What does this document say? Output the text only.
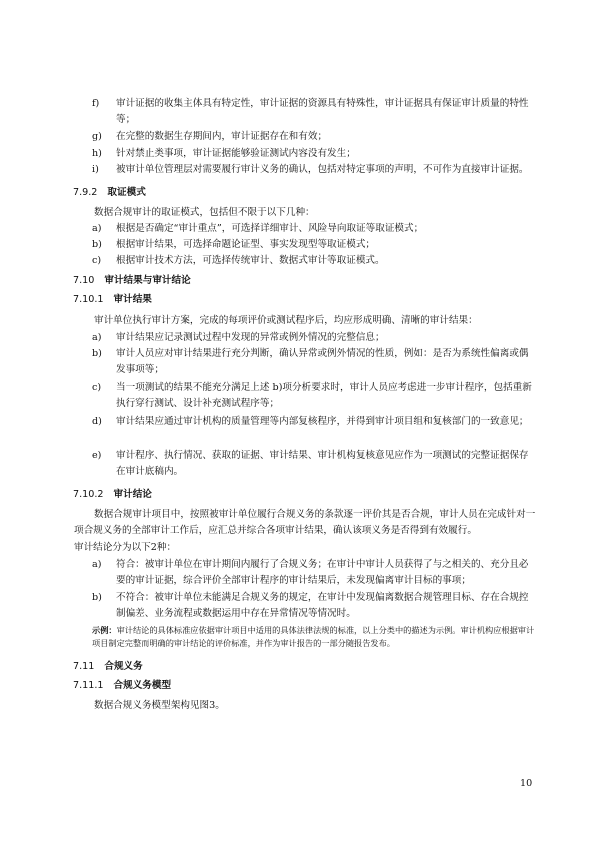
f)	审计证据的收集主体具有特定性，审计证据的资源具有特殊性，审计证据具有保证审计质量的特性等；
g)	在完整的数据生存期间内，审计证据存在和有效；
h)	针对禁止类事项，审计证据能够验证测试内容没有发生；
i)	被审计单位管理层对需要履行审计义务的确认，包括对特定事项的声明，不可作为直接审计证据。
7.9.2 取证模式
数据合规审计的取证模式，包括但不限于以下几种：
a)	根据是否确定“审计重点”，可选择详细审计、风险导向取证等取证模式；
b)	根据审计结果，可选择命题论证型、事实发现型等取证模式；
c)	根据审计技术方法，可选择传统审计、数据式审计等取证模式。
7.10 审计结果与审计结论
7.10.1 审计结果
审计单位执行审计方案，完成的每项评价或测试程序后，均应形成明确、清晰的审计结果：
a)	审计结果应记录测试过程中发现的异常或例外情况的完整信息；
b)	审计人员应对审计结果进行充分判断，确认异常或例外情况的性质，例如：是否为系统性偏离或偶发事项等；
c)	当一项测试的结果不能充分满足上述 b)项分析要求时，审计人员应考虑进一步审计程序，包括重新执行穿行测试、设计补充测试程序等；
d)	审计结果应通过审计机构的质量管理等内部复核程序，并得到审计项目组和复核部门的一致意见；
e)	审计程序、执行情况、获取的证据、审计结果、审计机构复核意见应作为一项测试的完整证据保存在审计底稿内。
7.10.2 审计结论
数据合规审计项目中，按照被审计单位履行合规义务的条款逐一评价其是否合规，审计人员在完成针对一项合规义务的全部审计工作后，应汇总并综合各项审计结果，确认该项义务是否得到有效履行。
审计结论分为以下2种：
a)	符合：被审计单位在审计期间内履行了合规义务；在审计中审计人员获得了与之相关的、充分且必要的审计证据，综合评价全部审计程序的审计结果后，未发现偏离审计目标的事项；
b)	不符合：被审计单位未能满足合规义务的规定，在审计中发现偏离数据合规管理目标、存在合规控制偏差、业务流程或数据运用中存在异常情况等情况时。
示例：审计结论的具体标准应依据审计项目中适用的具体法律法规的标准，以上分类中的描述为示例。审计机构应根据审计项目制定完整而明确的审计结论的评价标准，并作为审计报告的一部分随报告发布。
7.11 合规义务
7.11.1 合规义务模型
数据合规义务模型架构见图3。
10
